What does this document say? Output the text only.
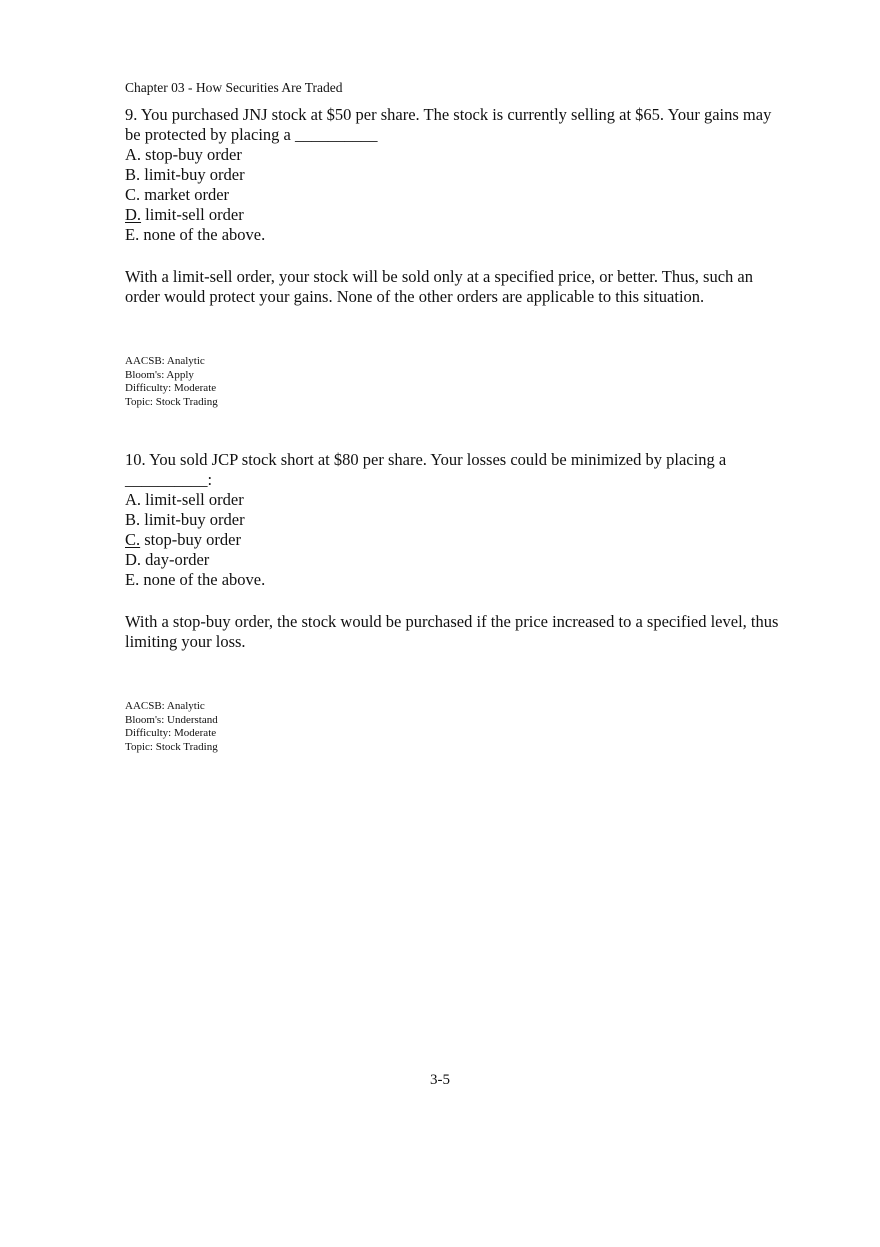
Chapter 03 - How Securities Are Traded

9. You purchased JNJ stock at $50 per share. The stock is currently selling at $65. Your gains may be protected by placing a __________

A. stop-buy order
B. limit-buy order
C. market order
D. limit-sell order
E. none of the above.

With a limit-sell order, your stock will be sold only at a specified price, or better. Thus, such an order would protect your gains. None of the other orders are applicable to this situation.

AACSB: Analytic
Bloom's: Apply
Difficulty: Moderate
Topic: Stock Trading

10. You sold JCP stock short at $80 per share. Your losses could be minimized by placing a __________:

A. limit-sell order
B. limit-buy order
C. stop-buy order
D. day-order
E. none of the above.

With a stop-buy order, the stock would be purchased if the price increased to a specified level, thus limiting your loss.

AACSB: Analytic
Bloom's: Understand
Difficulty: Moderate
Topic: Stock Trading
3-5
